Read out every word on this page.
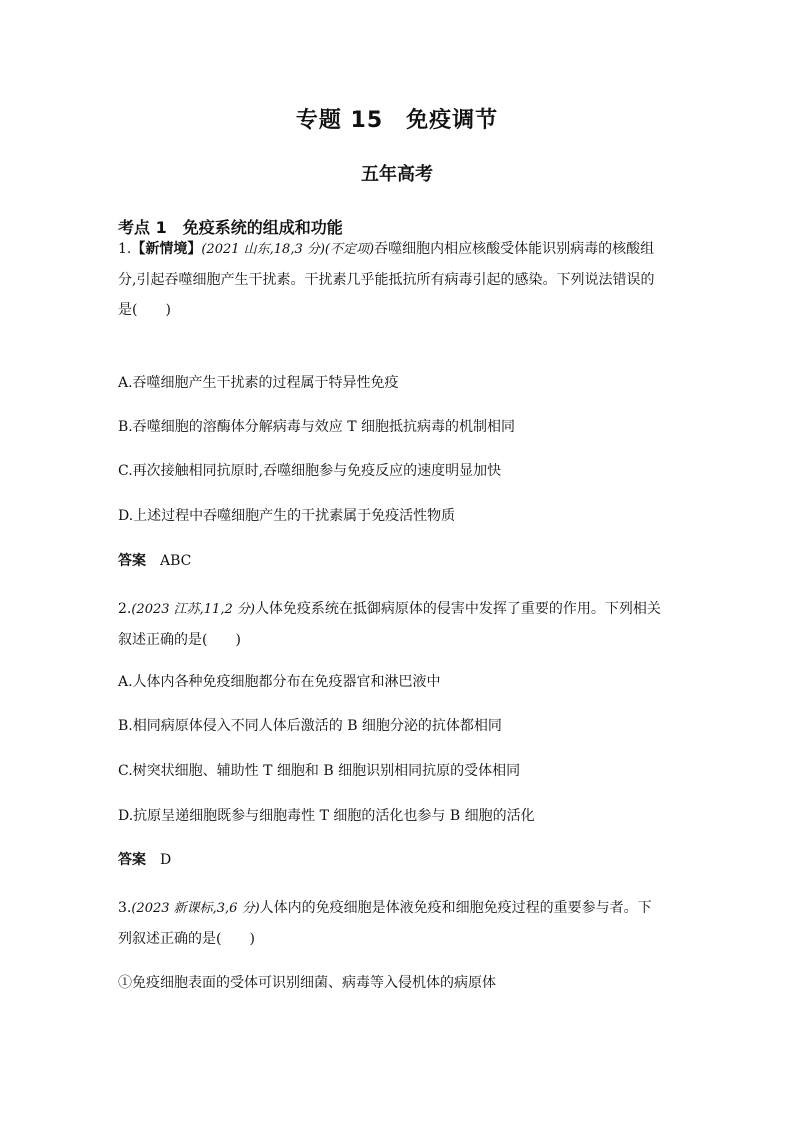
专题 15　免疫调节
五年高考
考点 1　免疫系统的组成和功能
1.【新情境】(2021 山东,18,3 分)(不定项)吞噬细胞内相应核酸受体能识别病毒的核酸组
分,引起吞噬细胞产生干扰素。干扰素几乎能抵抗所有病毒引起的感染。下列说法错误的
是(　　)
A.吞噬细胞产生干扰素的过程属于特异性免疫
B.吞噬细胞的溶酶体分解病毒与效应 T 细胞抵抗病毒的机制相同
C.再次接触相同抗原时,吞噬细胞参与免疫反应的速度明显加快
D.上述过程中吞噬细胞产生的干扰素属于免疫活性物质
答案　 ABC
2.(2023 江苏,11,2 分)人体免疫系统在抵御病原体的侵害中发挥了重要的作用。下列相关
叙述正确的是(　　)
A.人体内各种免疫细胞都分布在免疫器官和淋巴液中
B.相同病原体侵入不同人体后激活的 B 细胞分泌的抗体都相同
C.树突状细胞、辅助性 T 细胞和 B 细胞识别相同抗原的受体相同
D.抗原呈递细胞既参与细胞毒性 T 细胞的活化也参与 B 细胞的活化
答案　 D
3.(2023 新课标,3,6 分)人体内的免疫细胞是体液免疫和细胞免疫过程的重要参与者。下
列叙述正确的是(　　)
①免疫细胞表面的受体可识别细菌、病毒等入侵机体的病原体
